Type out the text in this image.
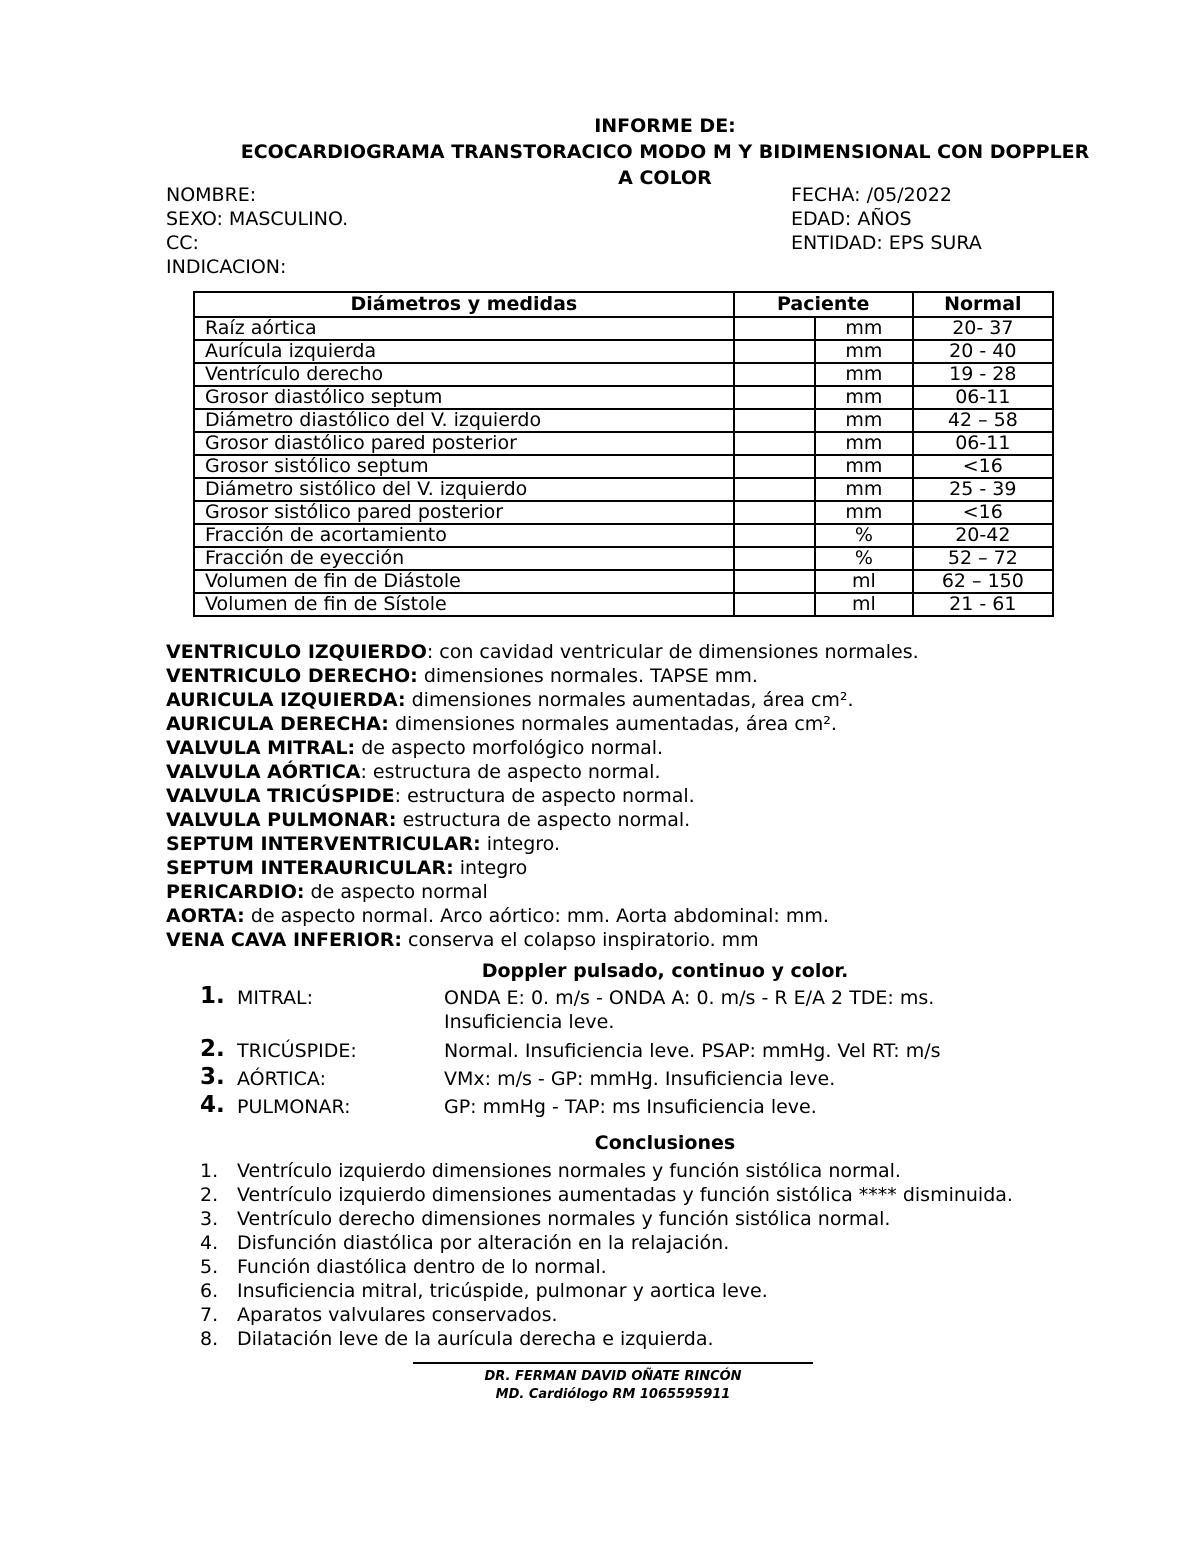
INFORME DE:
ECOCARDIOGRAMA TRANSTORACICO MODO M Y BIDIMENSIONAL CON DOPPLER
A COLOR
NOMBRE:
SEXO: MASCULINO.
CC:
INDICACION:
FECHA: /05/2022
EDAD: AÑOS
ENTIDAD: EPS SURA
Diámetros y medidas	Paciente		Normal
Raíz aórtica		mm	20- 37
Aurícula izquierda		mm	20 - 40
Ventrículo derecho		mm	19 - 28
Grosor diastólico septum		mm	06-11
Diámetro diastólico del V. izquierdo		mm	42 – 58
Grosor diastólico pared posterior		mm	06-11
Grosor sistólico septum		mm	<16
Diámetro sistólico del V. izquierdo		mm	25 - 39
Grosor sistólico pared posterior		mm	<16
Fracción de acortamiento		%	20-42
Fracción de eyección		%	52 – 72
Volumen de fin de Diástole		ml	62 – 150
Volumen de fin de Sístole		ml	21 - 61
VENTRICULO IZQUIERDO: con cavidad ventricular de dimensiones normales.
VENTRICULO DERECHO: dimensiones normales. TAPSE mm.
AURICULA IZQUIERDA: dimensiones normales aumentadas, área cm².
AURICULA DERECHA: dimensiones normales aumentadas, área cm².
VALVULA MITRAL: de aspecto morfológico normal.
VALVULA AÓRTICA: estructura de aspecto normal.
VALVULA TRICÚSPIDE: estructura de aspecto normal.
VALVULA PULMONAR: estructura de aspecto normal.
SEPTUM INTERVENTRICULAR: integro.
SEPTUM INTERAURICULAR: integro
PERICARDIO: de aspecto normal
AORTA: de aspecto normal. Arco aórtico: mm. Aorta abdominal: mm.
VENA CAVA INFERIOR: conserva el colapso inspiratorio. mm
Doppler pulsado, continuo y color.
1. MITRAL:	ONDA E: 0. m/s - ONDA A: 0. m/s - R E/A 2 TDE: ms.
Insuficiencia leve.
2. TRICÚSPIDE:	Normal. Insuficiencia leve. PSAP: mmHg. Vel RT: m/s
3. AÓRTICA:	VMx: m/s - GP: mmHg. Insuficiencia leve.
4. PULMONAR:	GP: mmHg - TAP: ms Insuficiencia leve.
Conclusiones
1. Ventrículo izquierdo dimensiones normales y función sistólica normal.
2. Ventrículo izquierdo dimensiones aumentadas y función sistólica **** disminuida.
3. Ventrículo derecho dimensiones normales y función sistólica normal.
4. Disfunción diastólica por alteración en la relajación.
5. Función diastólica dentro de lo normal.
6. Insuficiencia mitral, tricúspide, pulmonar y aortica leve.
7. Aparatos valvulares conservados.
8. Dilatación leve de la aurícula derecha e izquierda.
DR. FERMAN DAVID OÑATE RINCÓN
MD. Cardiólogo RM 1065595911
